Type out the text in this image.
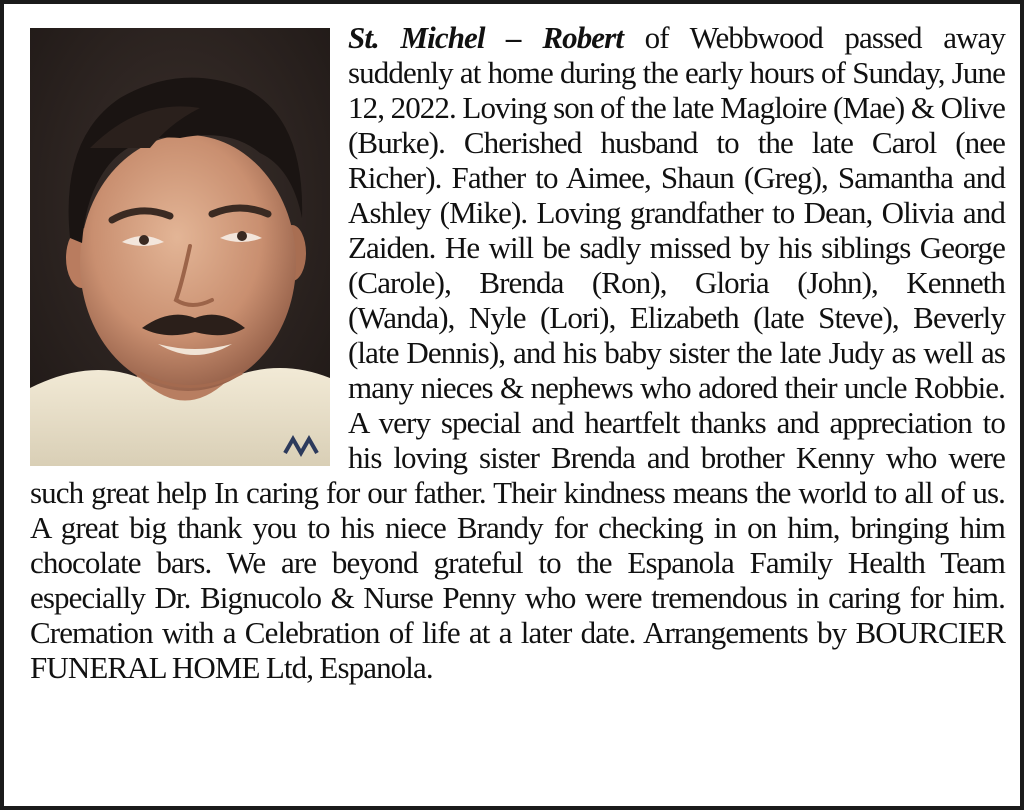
St. Michel – Robert of Webbwood passed away suddenly at home during the early hours of Sunday, June 12, 2022. Loving son of the late Magloire (Mae) & Olive (Burke). Cherished husband to the late Carol (nee Richer). Father to Aimee, Shaun (Greg), Samantha and Ashley (Mike). Loving grandfather to Dean, Olivia and Zaiden. He will be sadly missed by his siblings George (Carole), Brenda (Ron), Gloria (John), Kenneth (Wanda), Nyle (Lori), Elizabeth (late Steve), Beverly (late Dennis), and his baby sister the late Judy as well as many nieces & nephews who adored their uncle Robbie. A very special and heartfelt thanks and appreciation to his loving sister Brenda and brother Kenny who were such great help In caring for our father. Their kindness means the world to all of us. A great big thank you to his niece Brandy for checking in on him, bringing him chocolate bars. We are beyond grateful to the Espanola Family Health Team especially Dr. Bignucolo & Nurse Penny who were tremendous in caring for him. Cremation with a Celebration of life at a later date. Arrangements by BOURCIER FUNERAL HOME Ltd, Espanola.
